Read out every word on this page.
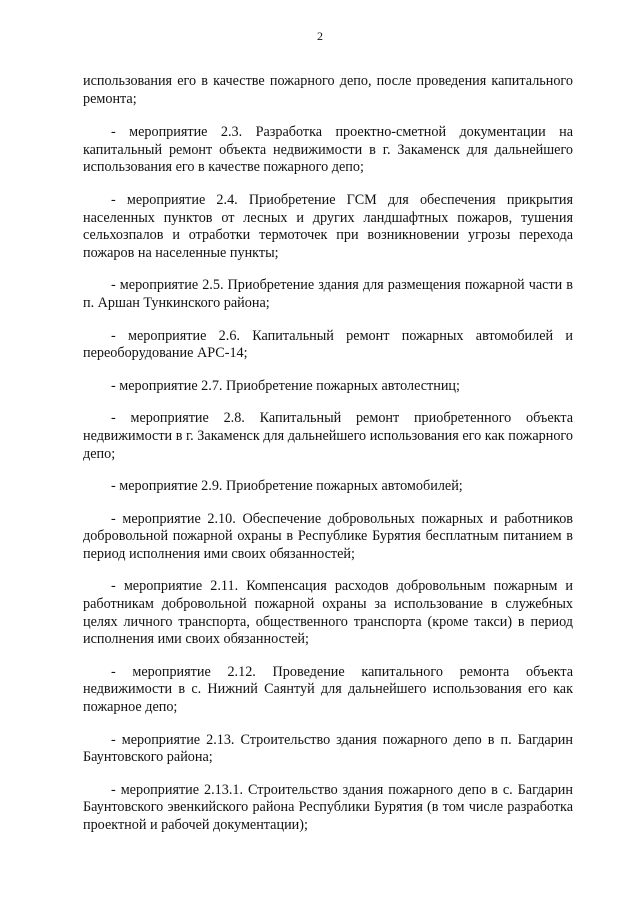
2

использования его в качестве пожарного депо, после проведения капитального ремонта;

- мероприятие 2.3. Разработка проектно-сметной документации на капитальный ремонт объекта недвижимости в г. Закаменск для дальнейшего использования его в качестве пожарного депо;

- мероприятие 2.4. Приобретение ГСМ для обеспечения прикрытия населенных пунктов от лесных и других ландшафтных пожаров, тушения сельхозпалов и отработки термоточек при возникновении угрозы перехода пожаров на населенные пункты;

- мероприятие 2.5. Приобретение здания для размещения пожарной части в п. Аршан Тункинского района;

- мероприятие 2.6. Капитальный ремонт пожарных автомобилей и переоборудование АРС-14;

- мероприятие 2.7. Приобретение пожарных автолестниц;

- мероприятие 2.8. Капитальный ремонт приобретенного объекта недвижимости в г. Закаменск для дальнейшего использования его как пожарного депо;

- мероприятие 2.9. Приобретение пожарных автомобилей;

- мероприятие 2.10. Обеспечение добровольных пожарных и работников добровольной пожарной охраны в Республике Бурятия бесплатным питанием в период исполнения ими своих обязанностей;

- мероприятие 2.11. Компенсация расходов добровольным пожарным и работникам добровольной пожарной охраны за использование в служебных целях личного транспорта, общественного транспорта (кроме такси) в период исполнения ими своих обязанностей;

- мероприятие 2.12. Проведение капитального ремонта объекта недвижимости в с. Нижний Саянтуй для дальнейшего использования его как пожарное депо;

- мероприятие 2.13. Строительство здания пожарного депо в п. Багдарин Баунтовского района;

- мероприятие 2.13.1. Строительство здания пожарного депо в с. Багдарин Баунтовского эвенкийского района Республики Бурятия (в том числе разработка проектной и рабочей документации);
